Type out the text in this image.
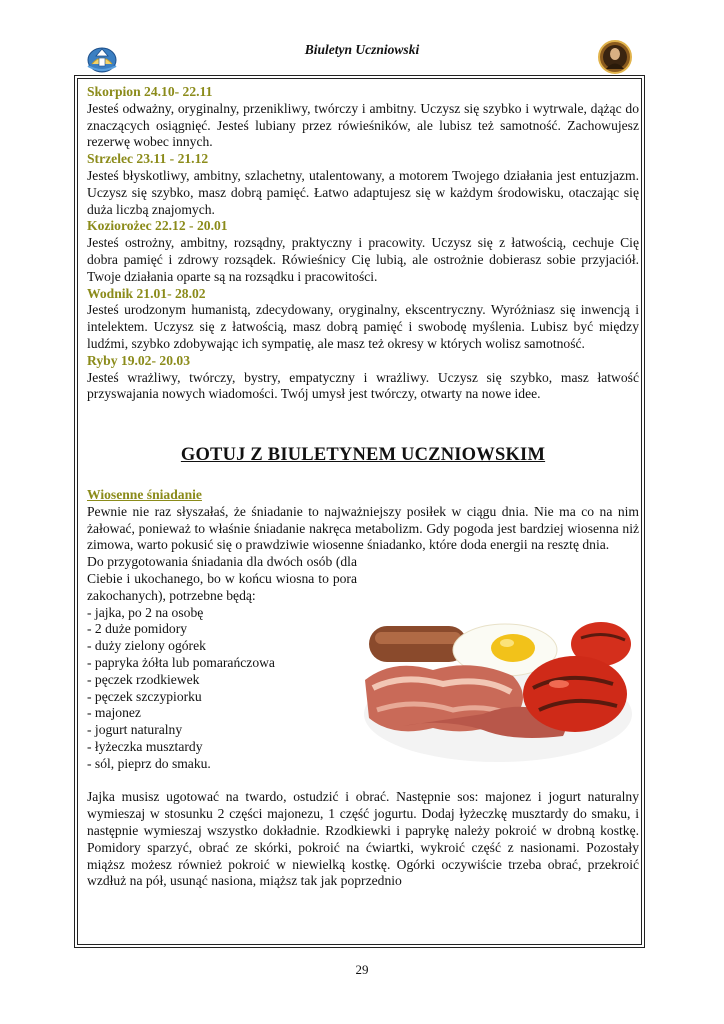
Biuletyn Uczniowski

Skorpion 24.10- 22.11

Jesteś odważny, oryginalny, przenikliwy, twórczy i ambitny. Uczysz się szybko i wytrwale, dążąc do znaczących osiągnięć. Jesteś lubiany przez rówieśników, ale lubisz też samotność. Zachowujesz rezerwę wobec innych.

Strzelec 23.11 - 21.12

Jesteś błyskotliwy, ambitny, szlachetny, utalentowany, a motorem Twojego działania jest entuzjazm. Uczysz się szybko, masz dobrą pamięć. Łatwo adaptujesz się w każdym środowisku, otaczając się duża liczbą znajomych.

Koziorożec 22.12 - 20.01

Jesteś ostrożny, ambitny, rozsądny, praktyczny i pracowity. Uczysz się z łatwością, cechuje Cię dobra pamięć i zdrowy rozsądek. Rówieśnicy Cię lubią, ale ostrożnie dobierasz sobie przyjaciół. Twoje działania oparte są na rozsądku i pracowitości.

Wodnik 21.01- 28.02

Jesteś urodzonym humanistą, zdecydowany, oryginalny, ekscentryczny. Wyróżniasz się inwencją i intelektem. Uczysz się z łatwością, masz dobrą pamięć i swobodę myślenia. Lubisz być między ludźmi, szybko zdobywając ich sympatię, ale masz też okresy w których wolisz samotność.

Ryby 19.02- 20.03

Jesteś wrażliwy, twórczy, bystry, empatyczny i wrażliwy. Uczysz się szybko, masz łatwość przyswajania nowych wiadomości. Twój umysł jest twórczy, otwarty na nowe idee.

GOTUJ Z BIULETYNEM UCZNIOWSKIM

Wiosenne śniadanie

Pewnie nie raz słyszałaś, że śniadanie to najważniejszy posiłek w ciągu dnia. Nie ma co na nim żałować, ponieważ to właśnie śniadanie nakręca metabolizm. Gdy pogoda jest bardziej wiosenna niż zimowa, warto pokusić się o prawdziwie wiosenne śniadanko, które doda energii na resztę dnia.

Do przygotowania śniadania dla dwóch osób (dla Ciebie i ukochanego, bo w końcu wiosna to pora zakochanych), potrzebne będą:

- jajka, po 2 na osobę
- 2 duże pomidory
- duży zielony ogórek
- papryka żółta lub pomarańczowa
- pęczek rzodkiewek
- pęczek szczypiorku
- majonez
- jogurt naturalny
- łyżeczka musztardy
- sól, pieprz do smaku.

Jajka musisz ugotować na twardo, ostudzić i obrać. Następnie sos: majonez i jogurt naturalny wymieszaj w stosunku 2 części majonezu, 1 część jogurtu. Dodaj łyżeczkę musztardy do smaku, i następnie wymieszaj wszystko dokładnie. Rzodkiewki i paprykę należy pokroić w drobną kostkę. Pomidory sparzyć, obrać ze skórki, pokroić na ćwiartki, wykroić część z nasionami. Pozostały miąższ możesz również pokroić w niewielką kostkę. Ogórki oczywiście trzeba obrać, przekroić wzdłuż na pół, usunąć nasiona, miąższ tak jak poprzednio

29
